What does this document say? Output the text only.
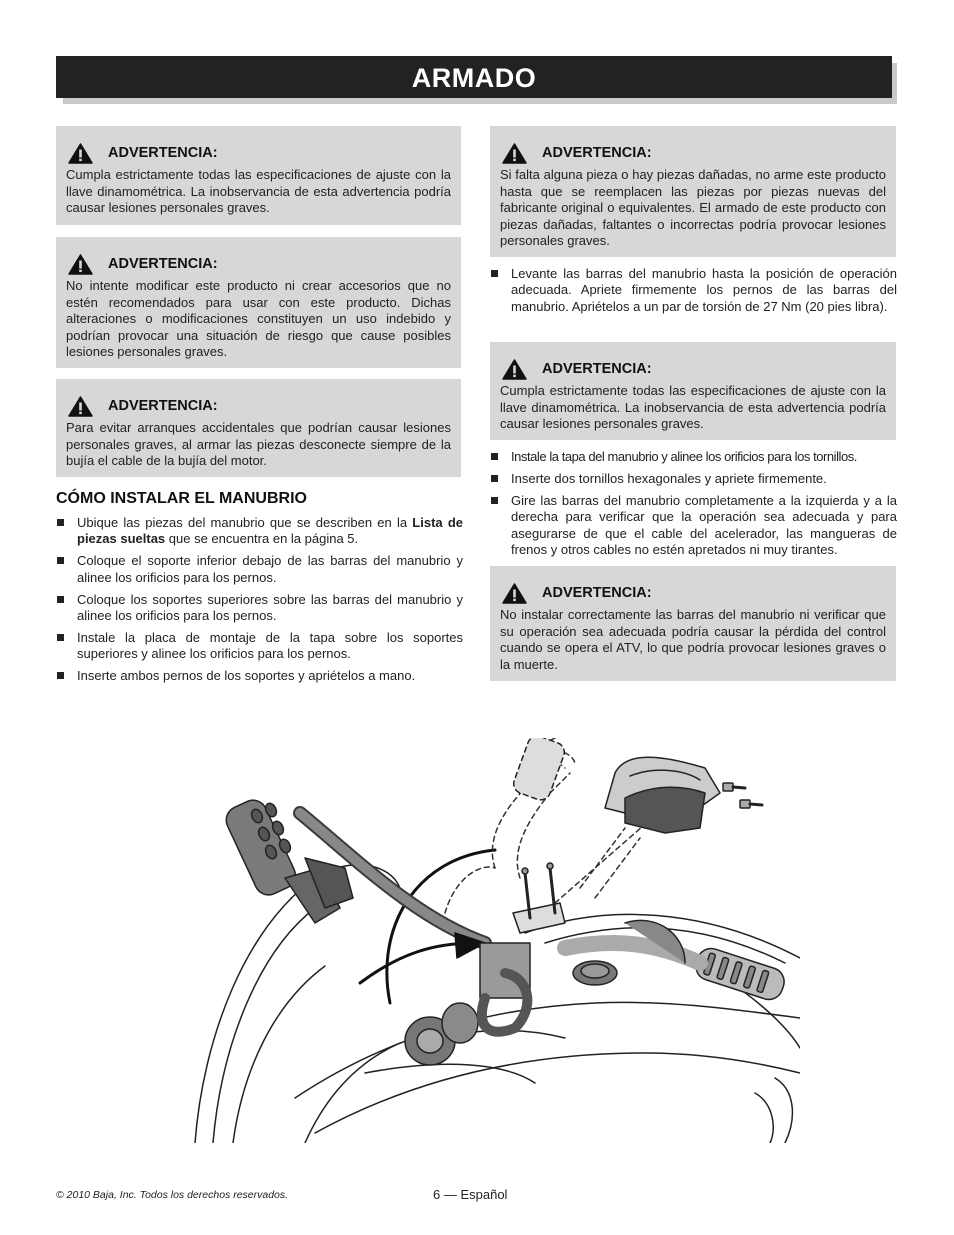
ARMADO
ADVERTENCIA:
Cumpla estrictamente todas las especificaciones de ajuste con la llave dinamométrica. La inobservancia de esta advertencia podría causar lesiones personales graves.
ADVERTENCIA:
No intente modificar este producto ni crear accesorios que no estén recomendados para usar con este producto. Dichas alteraciones o modificaciones constituyen un uso indebido y podrían provocar una situación de riesgo que cause posibles lesiones personales graves.
ADVERTENCIA:
Para evitar arranques accidentales que podrían causar lesiones personales graves, al armar las piezas desconecte siempre de la bujía el cable de la bujía del motor.
CÓMO INSTALAR EL MANUBRIO
Ubique las piezas del manubrio que se describen en la Lista de piezas sueltas que se encuentra en la página 5.
Coloque el soporte inferior debajo de las barras del manubrio y alinee los orificios para los pernos.
Coloque los soportes superiores sobre las barras del manubrio y alinee los orificios para los pernos.
Instale la placa de montaje de la tapa sobre los soportes superiores y alinee los orificios para los pernos.
Inserte ambos pernos de los soportes y apriételos a mano.
ADVERTENCIA:
Si falta alguna pieza o hay piezas dañadas, no arme este producto hasta que se reemplacen las piezas por piezas nuevas del fabricante original o equivalentes. El armado de este producto con piezas dañadas, faltantes o incorrectas podría provocar lesiones personales graves.
Levante las barras del manubrio hasta la posición de operación adecuada. Apriete firmemente los pernos de las barras del manubrio. Apriételos a un par de torsión de 27 Nm (20 pies libra).
ADVERTENCIA:
Cumpla estrictamente todas las especificaciones de ajuste con la llave dinamométrica. La inobservancia de esta advertencia podría causar lesiones personales graves.
Instale la tapa del manubrio y alinee los orificios para los tornillos.
Inserte dos tornillos hexagonales y apriete firmemente.
Gire las barras del manubrio completamente a la izquierda y a la derecha para verificar que la operación sea adecuada y para asegurarse de que el cable del acelerador, las mangueras de frenos y otros cables no estén apretados ni muy tirantes.
ADVERTENCIA:
No instalar correctamente las barras del manubrio ni verificar que su operación sea adecuada podría causar la pérdida del control cuando se opera el ATV, lo que podría provocar lesiones graves o la muerte.
© 2010 Baja, Inc. Todos los derechos reservados.	6 — Español
